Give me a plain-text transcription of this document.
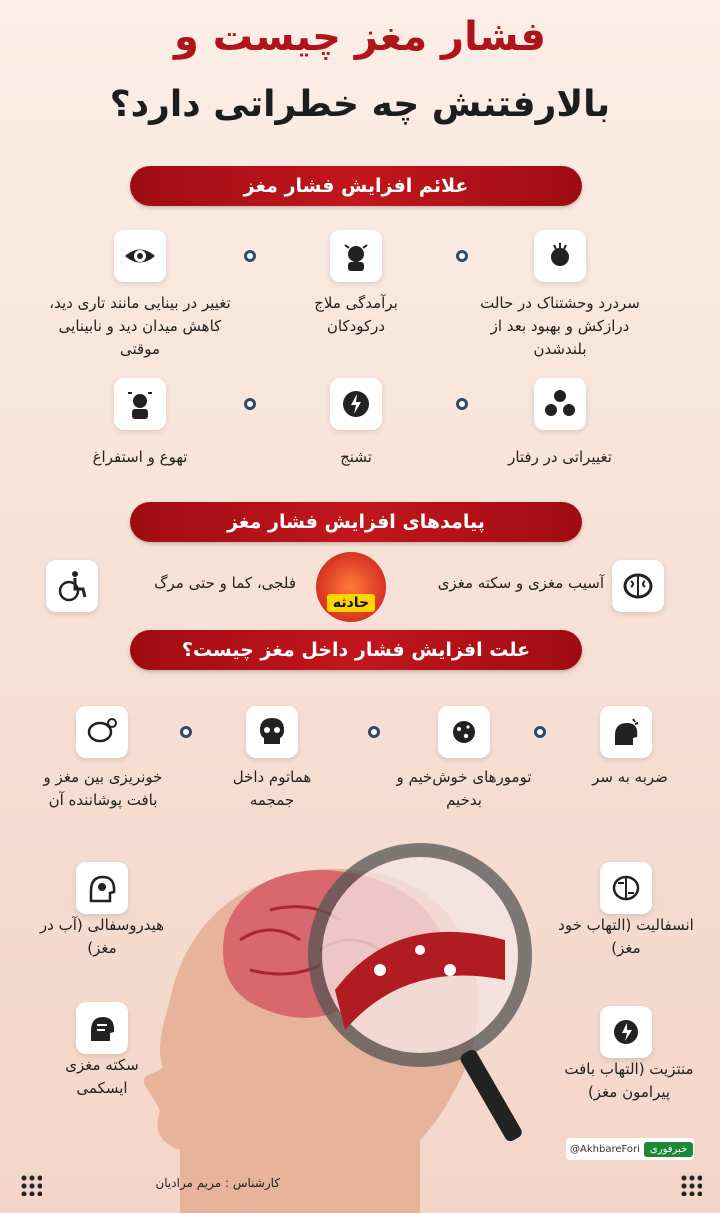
فشار مغز چیست و
بالارفتنش چه خطراتی دارد؟
علائم افزایش فشار مغز
سردرد وحشتناک در حالت درازکش و بهبود بعد از بلندشدن
برآمدگی ملاج درکودکان
تغییر در بینایی مانند تاری دید، کاهش میدان دید و نابینایی موقتی
تغییراتی در رفتار
تشنج
تهوع و استفراغ
پیامدهای افزایش فشار مغز
آسیب مغزی و سکته مغزی
حادثه
فلجی، کما و حتی مرگ
علت افزایش فشار داخل مغز چیست؟
ضربه به سر
تومورهای خوش‌خیم و بدخیم
هماتوم داخل جمجمه
خونریزی بین مغز و بافت پوشاننده آن
انسفالیت (التهاب خود مغز)
منتزیت (التهاب بافت پیرامون مغز)
هیدروسفالی (آب در مغز)
سکته مغزی ایسکمی
کارشناس : مریم مرادیان
@AkhbareFori	خبرفوری
